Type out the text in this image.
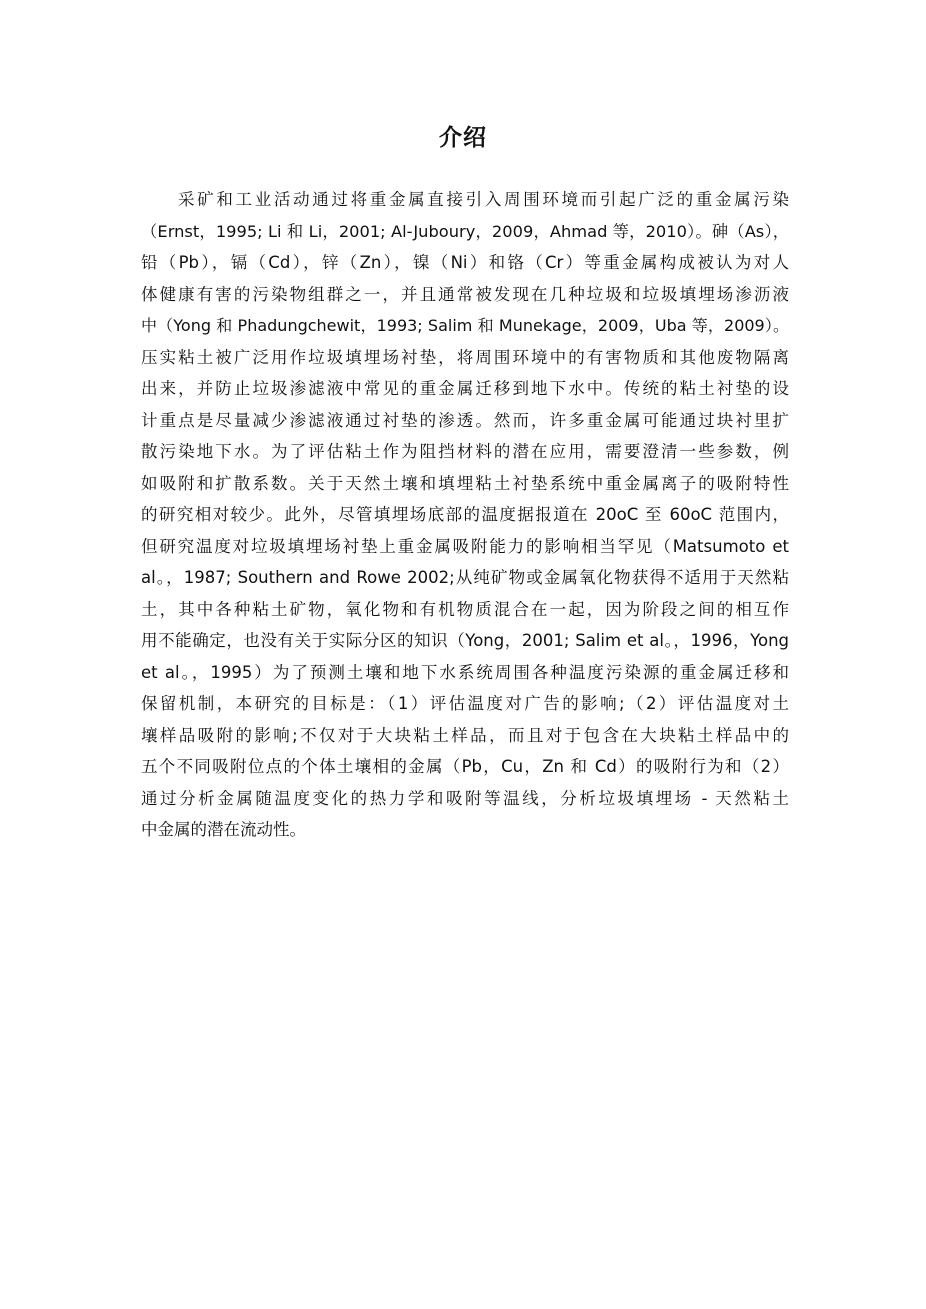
介绍
采矿和工业活动通过将重金属直接引入周围环境而引起广泛的重金属污染
（Ernst，1995; Li 和 Li，2001; Al-Juboury，2009，Ahmad 等，2010）。砷（As），
铅（Pb），镉（Cd），锌（Zn），镍（Ni）和铬（Cr）等重金属构成被认为对人
体健康有害的污染物组群之一，并且通常被发现在几种垃圾和垃圾填埋场渗沥液
中（Yong 和 Phadungchewit，1993; Salim 和 Munekage，2009，Uba 等，2009）。
压实粘土被广泛用作垃圾填埋场衬垫，将周围环境中的有害物质和其他废物隔离
出来，并防止垃圾渗滤液中常见的重金属迁移到地下水中。传统的粘土衬垫的设
计重点是尽量减少渗滤液通过衬垫的渗透。然而，许多重金属可能通过块衬里扩
散污染地下水。为了评估粘土作为阻挡材料的潜在应用，需要澄清一些参数，例
如吸附和扩散系数。关于天然土壤和填埋粘土衬垫系统中重金属离子的吸附特性
的研究相对较少。此外，尽管填埋场底部的温度据报道在 20oC 至 60oC 范围内，
但研究温度对垃圾填埋场衬垫上重金属吸附能力的影响相当罕见（Matsumoto et
al。，1987; Southern and Rowe 2002;从纯矿物或金属氧化物获得不适用于天然粘
土，其中各种粘土矿物，氧化物和有机物质混合在一起，因为阶段之间的相互作
用不能确定，也没有关于实际分区的知识（Yong，2001; Salim et al。，1996，Yong
et al。，1995）为了预测土壤和地下水系统周围各种温度污染源的重金属迁移和
保留机制，本研究的目标是：（1）评估温度对广告的影响;（2）评估温度对土
壤样品吸附的影响;不仅对于大块粘土样品，而且对于包含在大块粘土样品中的
五个不同吸附位点的个体土壤相的金属（Pb，Cu，Zn 和 Cd）的吸附行为和（2）
通过分析金属随温度变化的热力学和吸附等温线，分析垃圾填埋场 - 天然粘土
中金属的潜在流动性。
